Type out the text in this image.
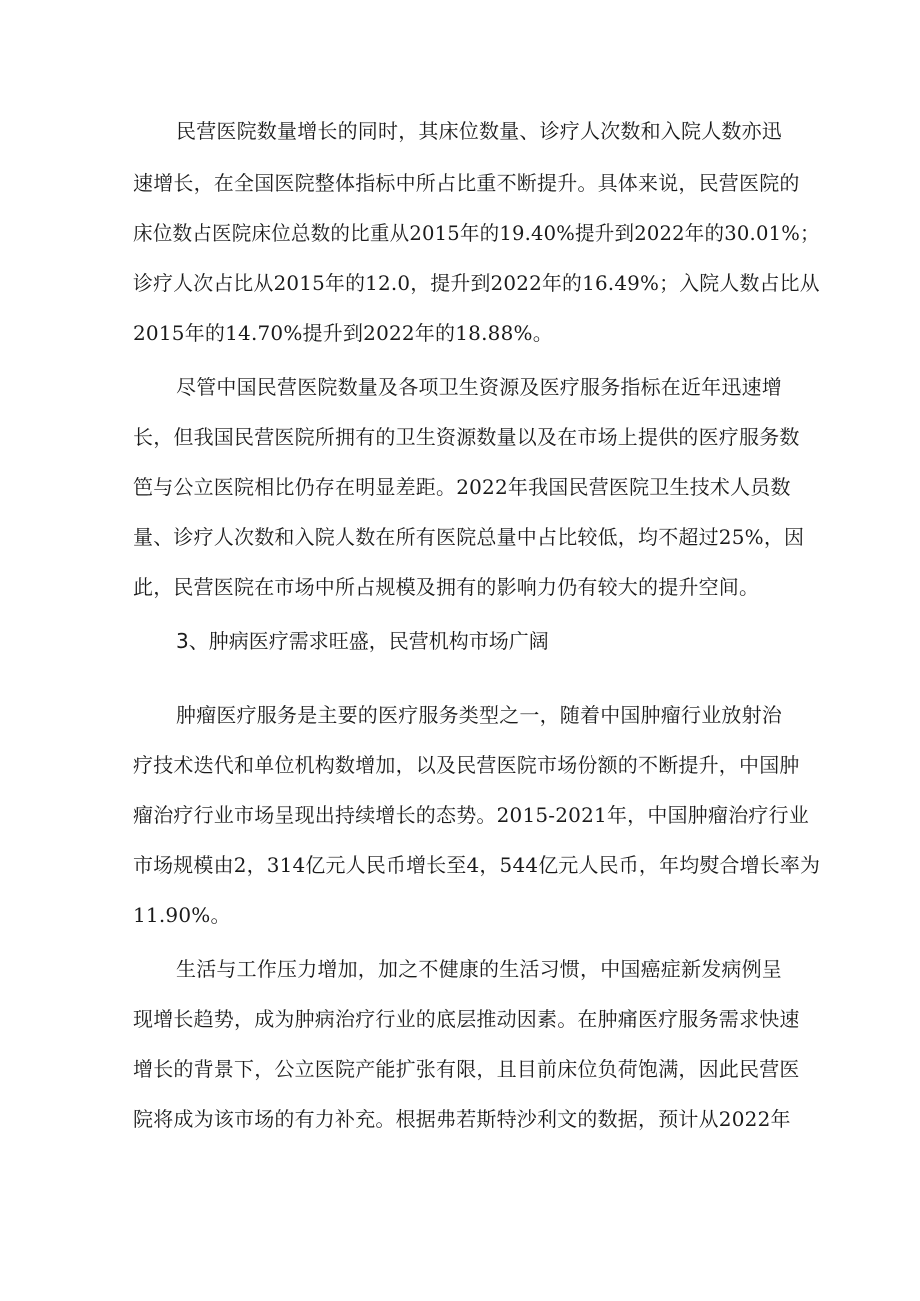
民营医院数量增长的同时，其床位数量、诊疗人次数和入院人数亦迅
速增长，在全国医院整体指标中所占比重不断提升。具体来说，民营医院的
床位数占医院床位总数的比重从2015年的19.40%提升到2022年的30.01%；
诊疗人次占比从2015年的12.0，提升到2022年的16.49%；入院人数占比从
2015年的14.70%提升到2022年的18.88%。
尽管中国民营医院数量及各项卫生资源及医疗服务指标在近年迅速增
长，但我国民营医院所拥有的卫生资源数量以及在市场上提供的医疗服务数
笆与公立医院相比仍存在明显差距。2022年我国民营医院卫生技术人员数
量、诊疗人次数和入院人数在所有医院总量中占比较低，均不超过25%，因
此，民营医院在市场中所占规模及拥有的影响力仍有较大的提升空间。
3、肿病医疗需求旺盛，民营机构市场广阔
肿瘤医疗服务是主要的医疗服务类型之一，随着中国肿瘤行业放射治
疗技术迭代和单位机构数增加，以及民营医院市场份额的不断提升，中国肿
瘤治疗行业市场呈现出持续增长的态势。2015-2021年，中国肿瘤治疗行业
市场规模由2，314亿元人民币增长至4，544亿元人民币，年均熨合增长率为
11.90%。
生活与工作压力增加，加之不健康的生活习惯，中国癌症新发病例呈
现增长趋势，成为肿病治疗行业的底层推动因素。在肿痛医疗服务需求快速
增长的背景下，公立医院产能扩张有限，且目前床位负荷饱满，因此民营医
院将成为该市场的有力补充。根据弗若斯特沙利文的数据，预计从2022年
